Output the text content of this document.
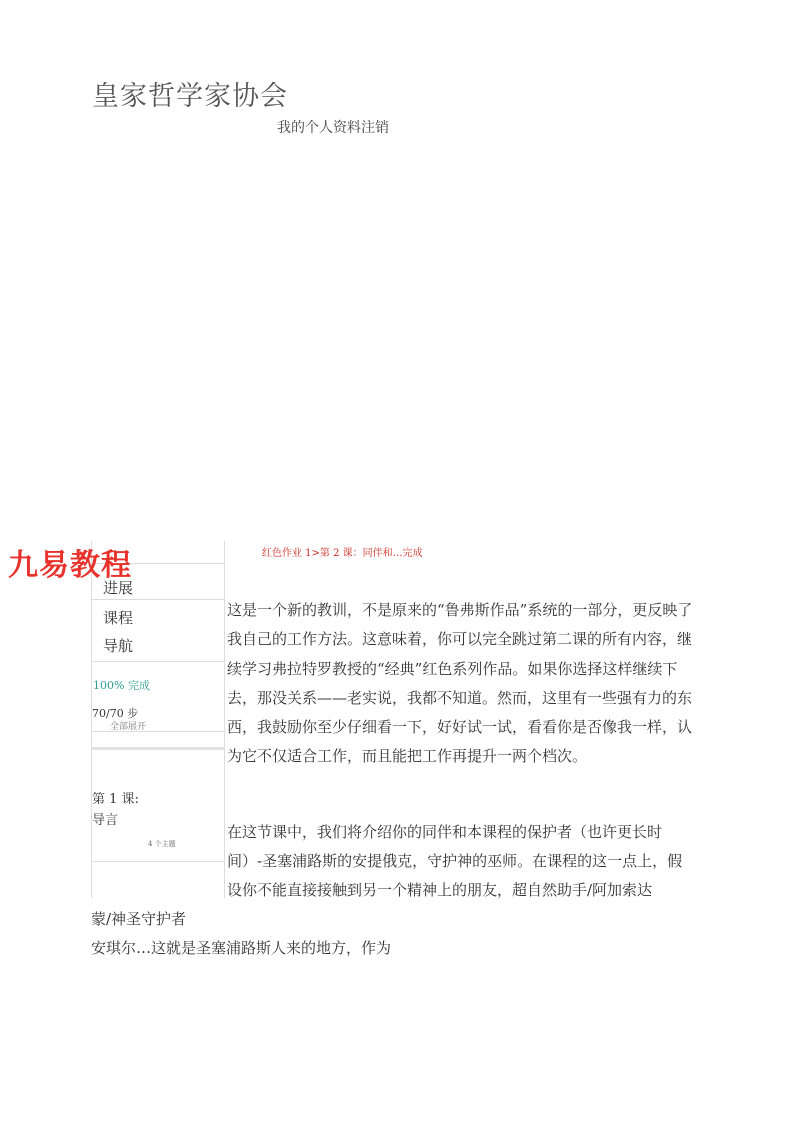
皇家哲学家协会
我的个人资料注销
九易教程
进展
课程
导航
100% 完成
70/70 步
全部展开
第 1 课:
导言
4 个主题
红色作业 1>第 2 课：同伴和…完成

这是一个新的教训，不是原来的“鲁弗斯作品”系统的一部分，更反映了我自己的工作方法。这意味着，你可以完全跳过第二课的所有内容，继续学习弗拉特罗教授的“经典”红色系列作品。如果你选择这样继续下去，那没关系——老实说，我都不知道。然而，这里有一些强有力的东西，我鼓励你至少仔细看一下，好好试一试，看看你是否像我一样，认为它不仅适合工作，而且能把工作再提升一两个档次。

在这节课中，我们将介绍你的同伴和本课程的保护者（也许更长时间）-圣塞浦路斯的安提俄克，守护神的巫师。在课程的这一点上，假设你不能直接接触到另一个精神上的朋友，超自然助手/阿加索达

蒙/神圣守护者
安琪尔…这就是圣塞浦路斯人来的地方，作为
